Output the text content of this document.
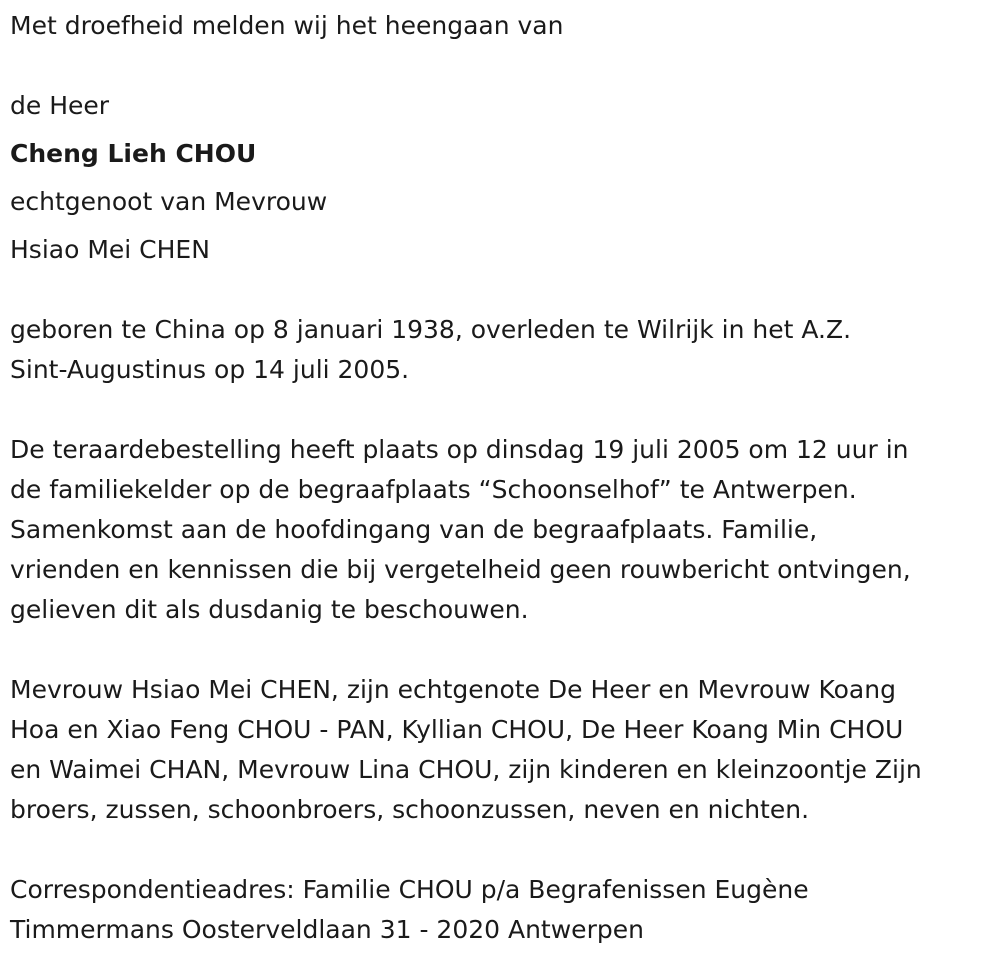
Met droefheid melden wij het heengaan van

de Heer

Cheng Lieh CHOU

echtgenoot van Mevrouw

Hsiao Mei CHEN

geboren te China op 8 januari 1938, overleden te Wilrijk in het A.Z.

Sint-Augustinus op 14 juli 2005.

De teraardebestelling heeft plaats op dinsdag 19 juli 2005 om 12 uur in

de familiekelder op de begraafplaats “Schoonselhof” te Antwerpen.

Samenkomst aan de hoofdingang van de begraafplaats. Familie,

vrienden en kennissen die bij vergetelheid geen rouwbericht ontvingen,

gelieven dit als dusdanig te beschouwen.

Mevrouw Hsiao Mei CHEN, zijn echtgenote De Heer en Mevrouw Koang

Hoa en Xiao Feng CHOU - PAN, Kyllian CHOU, De Heer Koang Min CHOU

en Waimei CHAN, Mevrouw Lina CHOU, zijn kinderen en kleinzoontje Zijn

broers, zussen, schoonbroers, schoonzussen, neven en nichten.

Correspondentieadres: Familie CHOU p/a Begrafenissen Eugène

Timmermans Oosterveldlaan 31 - 2020 Antwerpen
